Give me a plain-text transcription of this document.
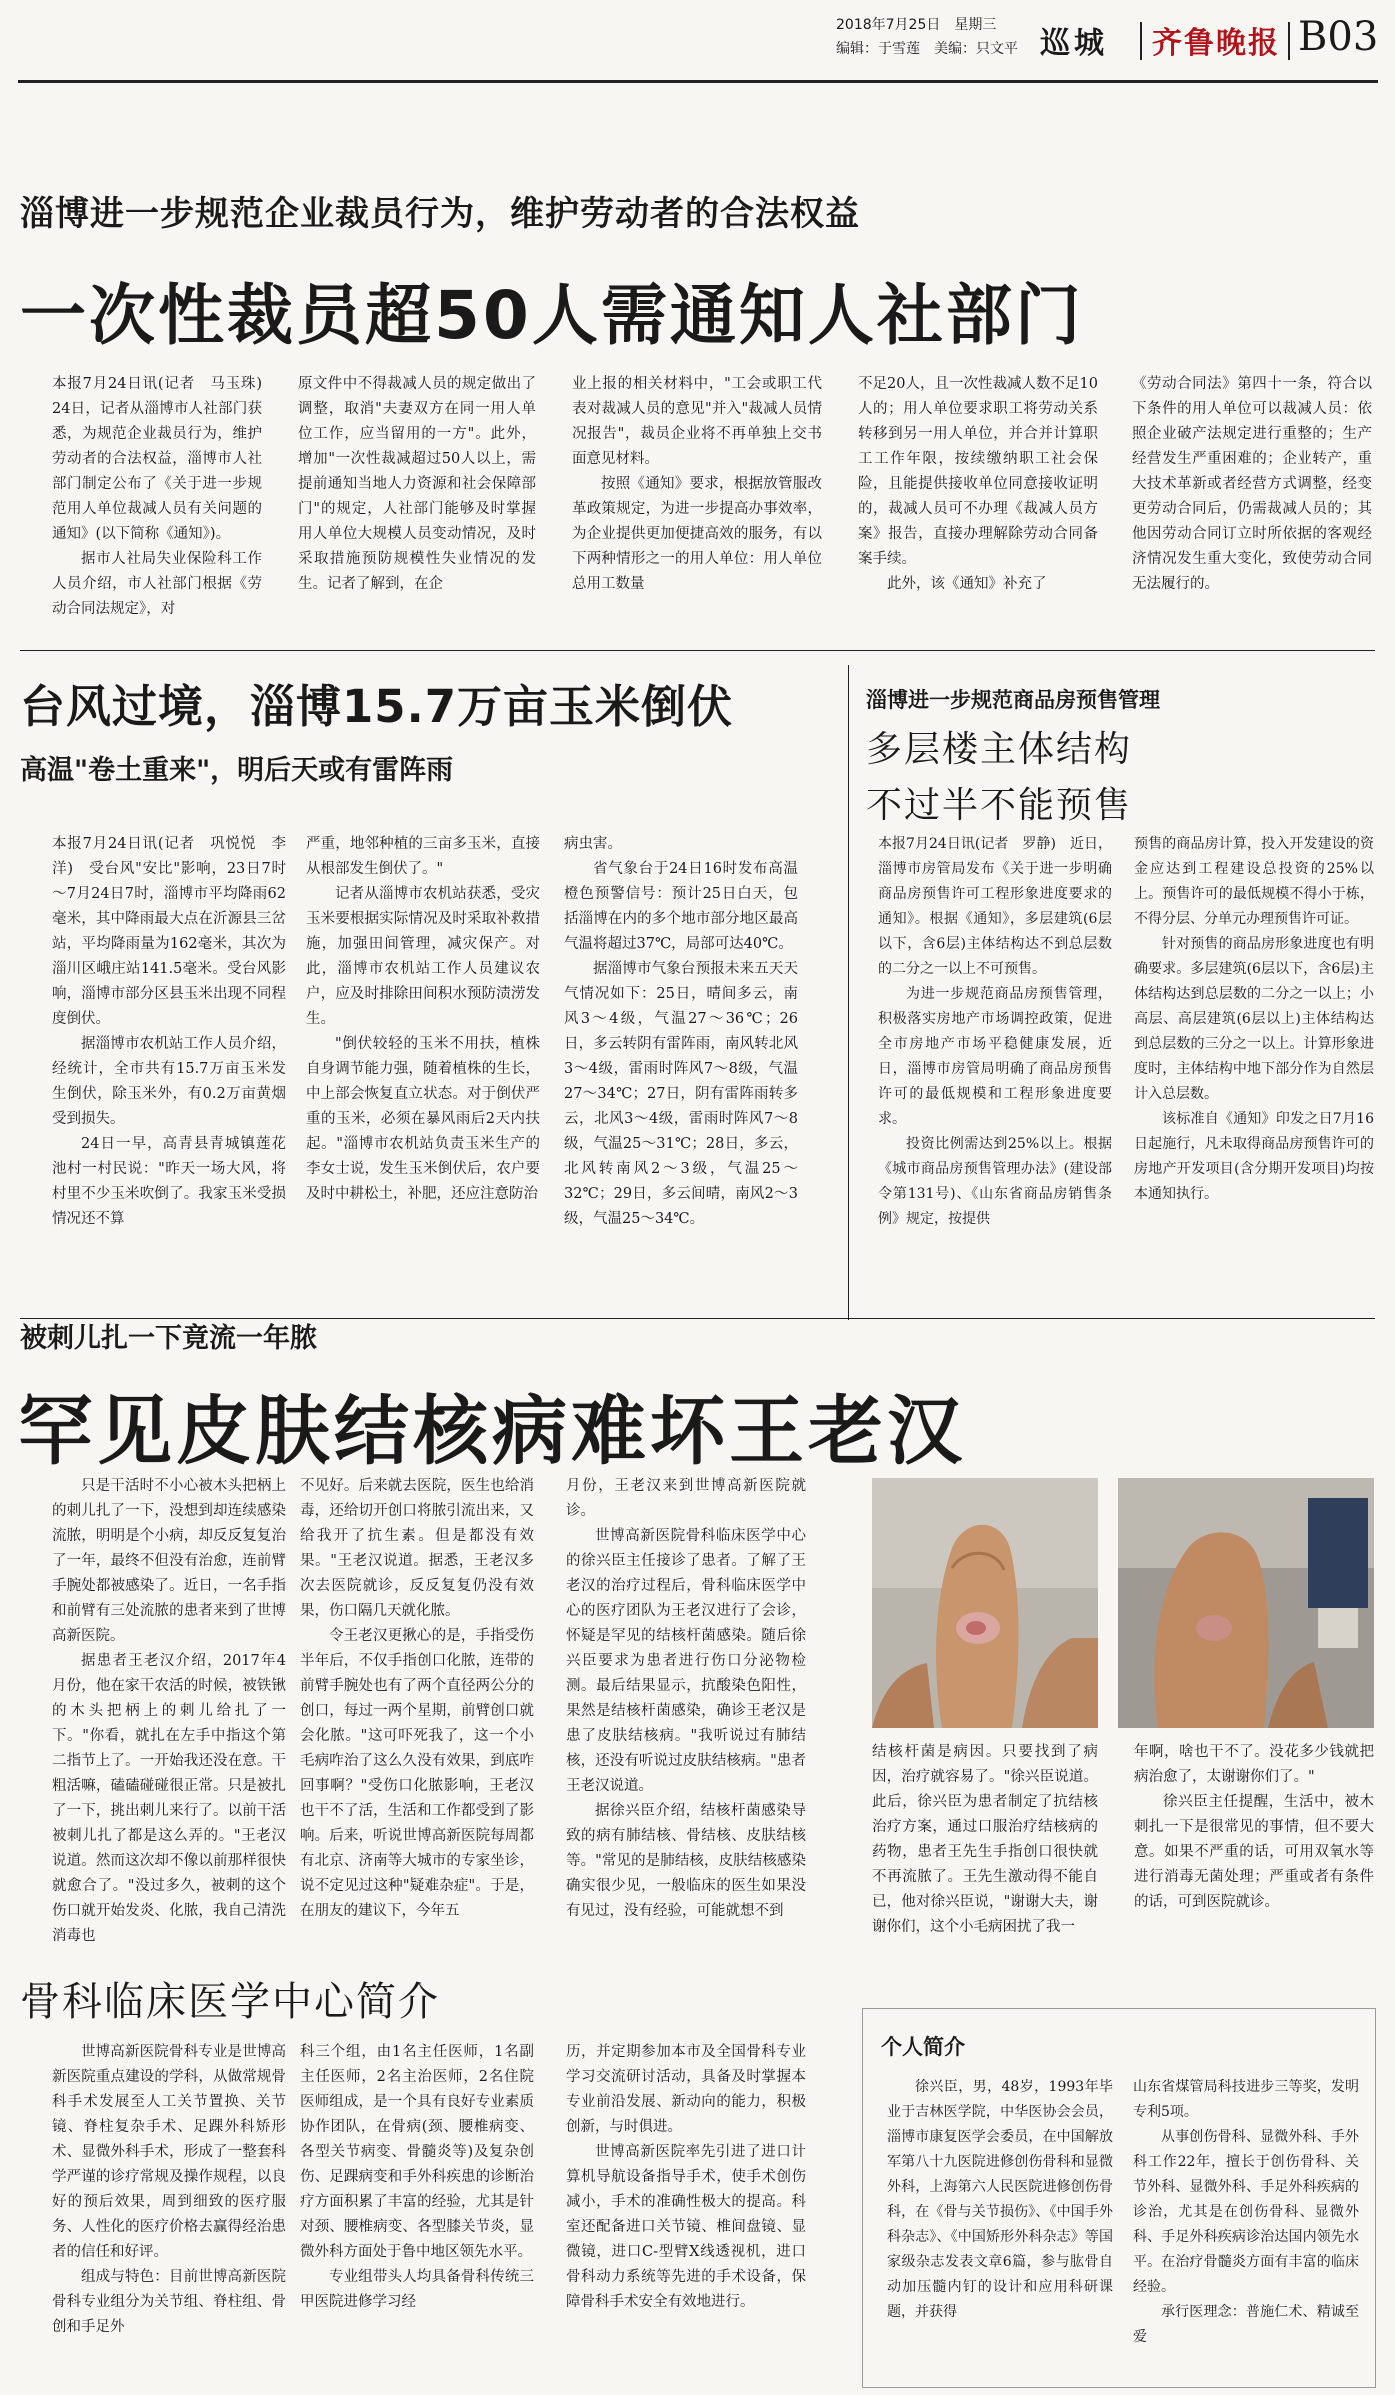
2018年7月25日　星期三
编辑：于雪莲　美编：只文平 巡城 齐鲁晚报 B03
淄博进一步规范企业裁员行为，维护劳动者的合法权益
一次性裁员超50人需通知人社部门

本报7月24日讯(记者　马玉珠)　24日，记者从淄博市人社部门获悉，为规范企业裁员行为，维护劳动者的合法权益，淄博市人社部门制定公布了《关于进一步规范用人单位裁减人员有关问题的通知》(以下简称《通知》)。

据市人社局失业保险科工作人员介绍，市人社部门根据《劳动合同法规定》，对

原文件中不得裁减人员的规定做出了调整，取消"夫妻双方在同一用人单位工作，应当留用的一方"。此外，增加"一次性裁减超过50人以上，需提前通知当地人力资源和社会保障部门"的规定，人社部门能够及时掌握用人单位大规模人员变动情况，及时采取措施预防规模性失业情况的发生。记者了解到，在企

业上报的相关材料中，"工会或职工代表对裁减人员的意见"并入"裁减人员情况报告"，裁员企业将不再单独上交书面意见材料。

按照《通知》要求，根据放管服改革政策规定，为进一步提高办事效率，为企业提供更加便捷高效的服务，有以下两种情形之一的用人单位：用人单位总用工数量

不足20人，且一次性裁减人数不足10人的；用人单位要求职工将劳动关系转移到另一用人单位，并合并计算职工工作年限，按续缴纳职工社会保险，且能提供接收单位同意接收证明的，裁减人员可不办理《裁减人员方案》报告，直接办理解除劳动合同备案手续。

此外，该《通知》补充了

《劳动合同法》第四十一条，符合以下条件的用人单位可以裁减人员：依照企业破产法规定进行重整的；生产经营发生严重困难的；企业转产，重大技术革新或者经营方式调整，经变更劳动合同后，仍需裁减人员的；其他因劳动合同订立时所依据的客观经济情况发生重大变化，致使劳动合同无法履行的。

台风过境，淄博15.7万亩玉米倒伏
高温"卷土重来"，明后天或有雷阵雨

本报7月24日讯(记者　巩悦悦　李洋)　受台风"安比"影响，23日7时～7月24日7时，淄博市平均降雨62毫米，其中降雨最大点在沂源县三岔站，平均降雨量为162毫米，其次为淄川区峨庄站141.5毫米。受台风影响，淄博市部分区县玉米出现不同程度倒伏。

据淄博市农机站工作人员介绍，经统计，全市共有15.7万亩玉米发生倒伏，除玉米外，有0.2万亩黄烟受到损失。

24日一早，高青县青城镇莲花池村一村民说："昨天一场大风，将村里不少玉米吹倒了。我家玉米受损情况还不算

严重，地邻种植的三亩多玉米，直接从根部发生倒伏了。"

记者从淄博市农机站获悉，受灾玉米要根据实际情况及时采取补救措施，加强田间管理，减灾保产。对此，淄博市农机站工作人员建议农户，应及时排除田间积水预防渍涝发生。

"倒伏较轻的玉米不用扶，植株自身调节能力强，随着植株的生长，中上部会恢复直立状态。对于倒伏严重的玉米，必须在暴风雨后2天内扶起。"淄博市农机站负责玉米生产的李女士说，发生玉米倒伏后，农户要及时中耕松土，补肥，还应注意防治

病虫害。

省气象台于24日16时发布高温橙色预警信号：预计25日白天，包括淄博在内的多个地市部分地区最高气温将超过37℃，局部可达40℃。

据淄博市气象台预报未来五天天气情况如下：25日，晴间多云，南风3～4级，气温27～36℃；26日，多云转阴有雷阵雨，南风转北风3～4级，雷雨时阵风7～8级，气温27～34℃；27日，阴有雷阵雨转多云，北风3～4级，雷雨时阵风7～8级，气温25～31℃；28日，多云，北风转南风2～3级，气温25～32℃；29日，多云间晴，南风2～3级，气温25～34℃。

淄博进一步规范商品房预售管理
多层楼主体结构
不过半不能预售

本报7月24日讯(记者　罗静)　近日，淄博市房管局发布《关于进一步明确商品房预售许可工程形象进度要求的通知》。根据《通知》，多层建筑(6层以下，含6层)主体结构达不到总层数的二分之一以上不可预售。

为进一步规范商品房预售管理，积极落实房地产市场调控政策，促进全市房地产市场平稳健康发展，近日，淄博市房管局明确了商品房预售许可的最低规模和工程形象进度要求。

投资比例需达到25%以上。根据《城市商品房预售管理办法》(建设部令第131号)、《山东省商品房销售条例》规定，按提供

预售的商品房计算，投入开发建设的资金应达到工程建设总投资的25%以上。预售许可的最低规模不得小于栋，不得分层、分单元办理预售许可证。

针对预售的商品房形象进度也有明确要求。多层建筑(6层以下，含6层)主体结构达到总层数的二分之一以上；小高层、高层建筑(6层以上)主体结构达到总层数的三分之一以上。计算形象进度时，主体结构中地下部分作为自然层计入总层数。

该标准自《通知》印发之日7月16日起施行，凡未取得商品房预售许可的房地产开发项目(含分期开发项目)均按本通知执行。

被刺儿扎一下竟流一年脓
罕见皮肤结核病难坏王老汉

只是干活时不小心被木头把柄上的刺儿扎了一下，没想到却连续感染流脓，明明是个小病，却反反复复治了一年，最终不但没有治愈，连前臂手腕处都被感染了。近日，一名手指和前臂有三处流脓的患者来到了世博高新医院。

据患者王老汉介绍，2017年4月份，他在家干农活的时候，被铁锹的木头把柄上的刺儿给扎了一下。"你看，就扎在左手中指这个第二指节上了。一开始我还没在意。干粗活嘛，磕磕碰碰很正常。只是被扎了一下，挑出刺儿来行了。以前干活被刺儿扎了都是这么弄的。"王老汉说道。然而这次却不像以前那样很快就愈合了。"没过多久，被刺的这个伤口就开始发炎、化脓，我自己清洗消毒也

不见好。后来就去医院，医生也给消毒，还给切开创口将脓引流出来，又给我开了抗生素。但是都没有效果。"王老汉说道。据悉，王老汉多次去医院就诊，反反复复仍没有效果，伤口隔几天就化脓。

令王老汉更揪心的是，手指受伤半年后，不仅手指创口化脓，连带的前臂手腕处也有了两个直径两公分的创口，每过一两个星期，前臂创口就会化脓。"这可吓死我了，这一个小毛病咋治了这么久没有效果，到底咋回事啊？"受伤口化脓影响，王老汉也干不了活，生活和工作都受到了影响。后来，听说世博高新医院每周都有北京、济南等大城市的专家坐诊，说不定见过这种"疑难杂症"。于是，在朋友的建议下，今年五

月份，王老汉来到世博高新医院就诊。

世博高新医院骨科临床医学中心的徐兴臣主任接诊了患者。了解了王老汉的治疗过程后，骨科临床医学中心的医疗团队为王老汉进行了会诊，怀疑是罕见的结核杆菌感染。随后徐兴臣要求为患者进行伤口分泌物检测。最后结果显示，抗酸染色阳性，果然是结核杆菌感染，确诊王老汉是患了皮肤结核病。"我听说过有肺结核，还没有听说过皮肤结核病。"患者王老汉说道。

据徐兴臣介绍，结核杆菌感染导致的病有肺结核、骨结核、皮肤结核等。"常见的是肺结核，皮肤结核感染确实很少见，一般临床的医生如果没有见过，没有经验，可能就想不到

结核杆菌是病因。只要找到了病因，治疗就容易了。"徐兴臣说道。此后，徐兴臣为患者制定了抗结核治疗方案，通过口服治疗结核病的药物，患者王先生手指创口很快就不再流脓了。王先生激动得不能自已，他对徐兴臣说，"谢谢大夫，谢谢你们，这个小毛病困扰了我一

年啊，啥也干不了。没花多少钱就把病治愈了，太谢谢你们了。"

徐兴臣主任提醒，生活中，被木刺扎一下是很常见的事情，但不要大意。如果不严重的话，可用双氧水等进行消毒无菌处理；严重或者有条件的话，可到医院就诊。

骨科临床医学中心简介

世博高新医院骨科专业是世博高新医院重点建设的学科，从做常规骨科手术发展至人工关节置换、关节镜、脊柱复杂手术、足踝外科矫形术、显微外科手术，形成了一整套科学严谨的诊疗常规及操作规程，以良好的预后效果，周到细致的医疗服务、人性化的医疗价格去赢得经治患者的信任和好评。

组成与特色：目前世博高新医院骨科专业组分为关节组、脊柱组、骨创和手足外

科三个组，由1名主任医师，1名副主任医师，2名主治医师，2名住院医师组成，是一个具有良好专业素质协作团队，在骨病(颈、腰椎病变、各型关节病变、骨髓炎等)及复杂创伤、足踝病变和手外科疾患的诊断治疗方面积累了丰富的经验，尤其是针对颈、腰椎病变、各型膝关节炎，显微外科方面处于鲁中地区领先水平。

专业组带头人均具备骨科传统三甲医院进修学习经

历，并定期参加本市及全国骨科专业学习交流研讨活动，具备及时掌握本专业前沿发展、新动向的能力，积极创新，与时俱进。

世博高新医院率先引进了进口计算机导航设备指导手术，使手术创伤减小，手术的准确性极大的提高。科室还配备进口关节镜、椎间盘镜、显微镜，进口C-型臂X线透视机，进口骨科动力系统等先进的手术设备，保障骨科手术安全有效地进行。

个人简介

徐兴臣，男，48岁，1993年毕业于吉林医学院，中华医协会会员，淄博市康复医学会委员，在中国解放军第八十九医院进修创伤骨科和显微外科，上海第六人民医院进修创伤骨科，在《骨与关节损伤》、《中国手外科杂志》、《中国矫形外科杂志》等国家级杂志发表文章6篇，参与肱骨自动加压髓内钉的设计和应用科研课题，并获得

山东省煤管局科技进步三等奖，发明专利5项。

从事创伤骨科、显微外科、手外科工作22年，擅长于创伤骨科、关节外科、显微外科、手足外科疾病的诊治，尤其是在创伤骨科、显微外科、手足外科疾病诊治达国内领先水平。在治疗骨髓炎方面有丰富的临床经验。

承行医理念：普施仁术、精诚至爱
